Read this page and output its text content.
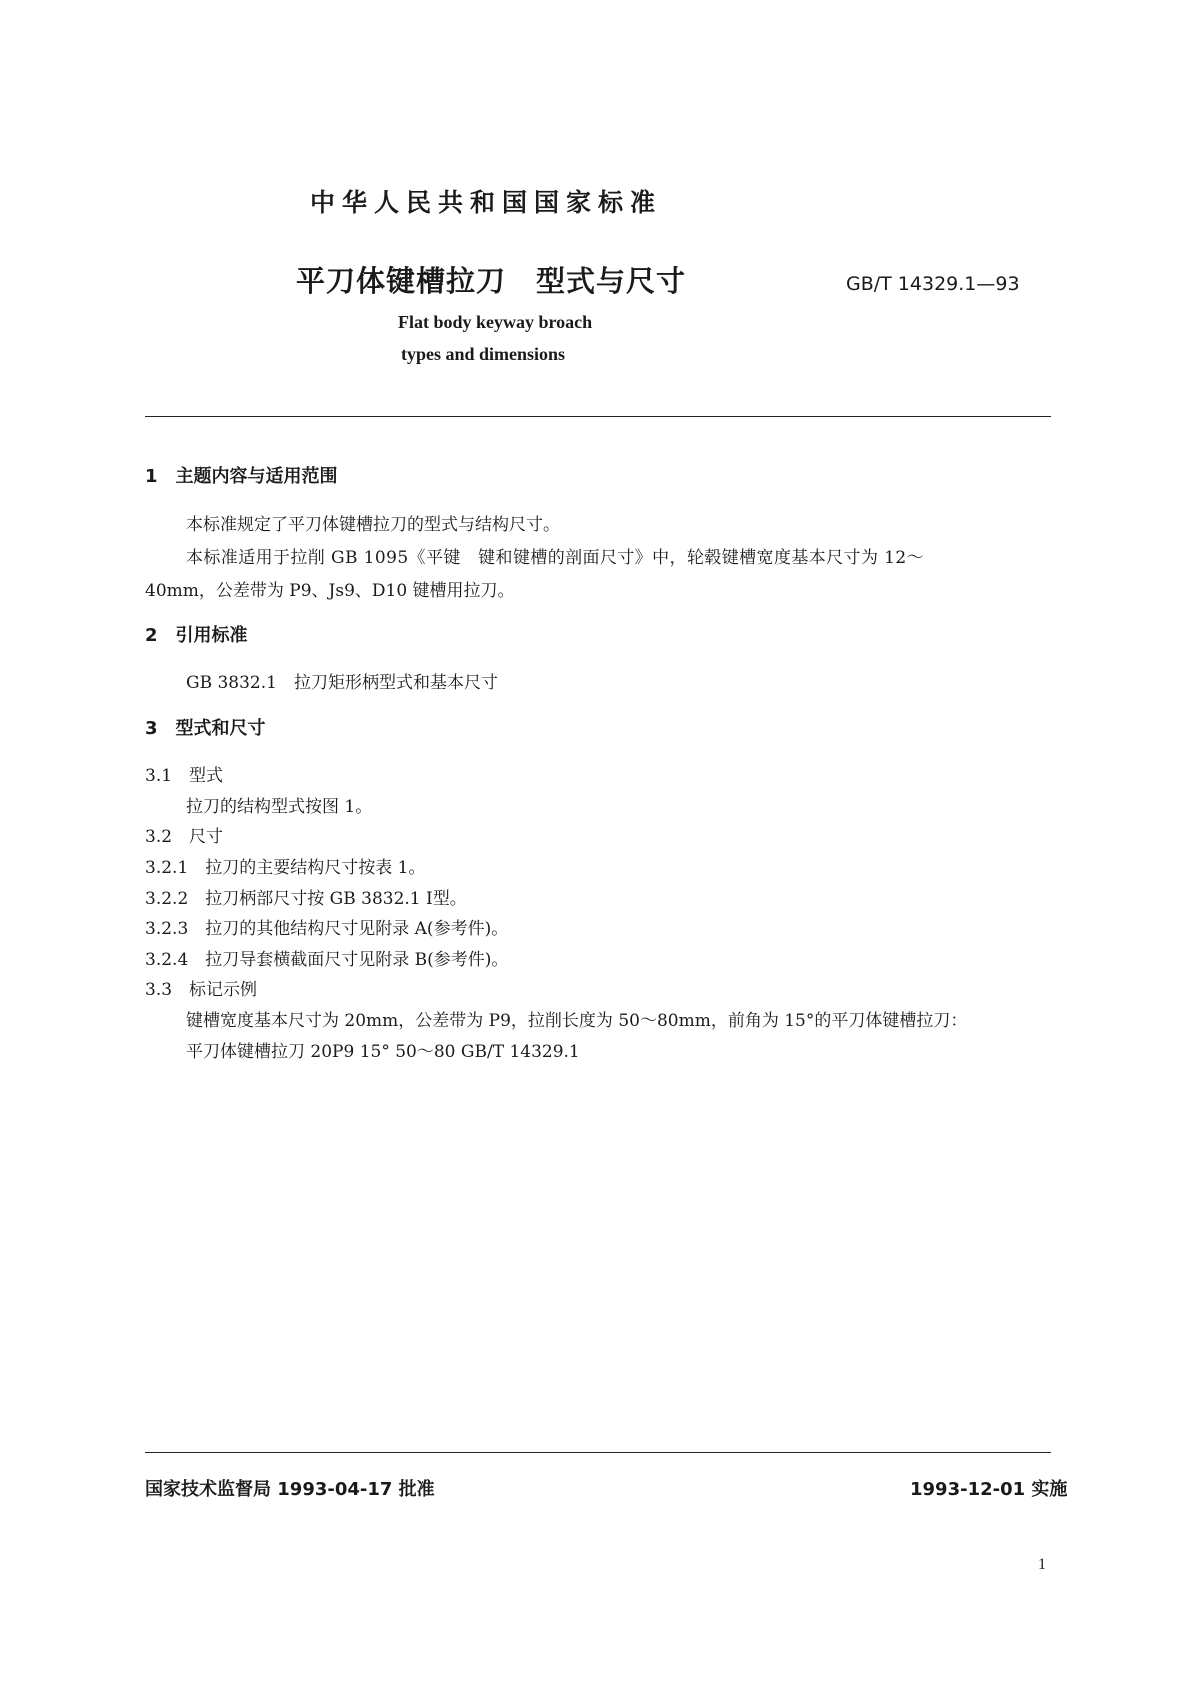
中华人民共和国国家标准
平刀体键槽拉刀　型式与尺寸	GB/T 14329.1—93
Flat body keyway broach
types and dimensions
1　主题内容与适用范围
本标准规定了平刀体键槽拉刀的型式与结构尺寸。
本标准适用于拉削 GB 1095《平键　键和键槽的剖面尺寸》中，轮毂键槽宽度基本尺寸为 12～
40mm，公差带为 P9、Js9、D10 键槽用拉刀。
2　引用标准
GB 3832.1　拉刀矩形柄型式和基本尺寸
3　型式和尺寸
3.1　型式
拉刀的结构型式按图 1。
3.2　尺寸
3.2.1　拉刀的主要结构尺寸按表 1。
3.2.2　拉刀柄部尺寸按 GB 3832.1 Ⅰ型。
3.2.3　拉刀的其他结构尺寸见附录 A(参考件)。
3.2.4　拉刀导套横截面尺寸见附录 B(参考件)。
3.3　标记示例
键槽宽度基本尺寸为 20mm，公差带为 P9，拉削长度为 50～80mm，前角为 15°的平刀体键槽拉刀：
平刀体键槽拉刀 20P9 15° 50～80 GB/T 14329.1
国家技术监督局 1993-04-17 批准	1993-12-01 实施
1
